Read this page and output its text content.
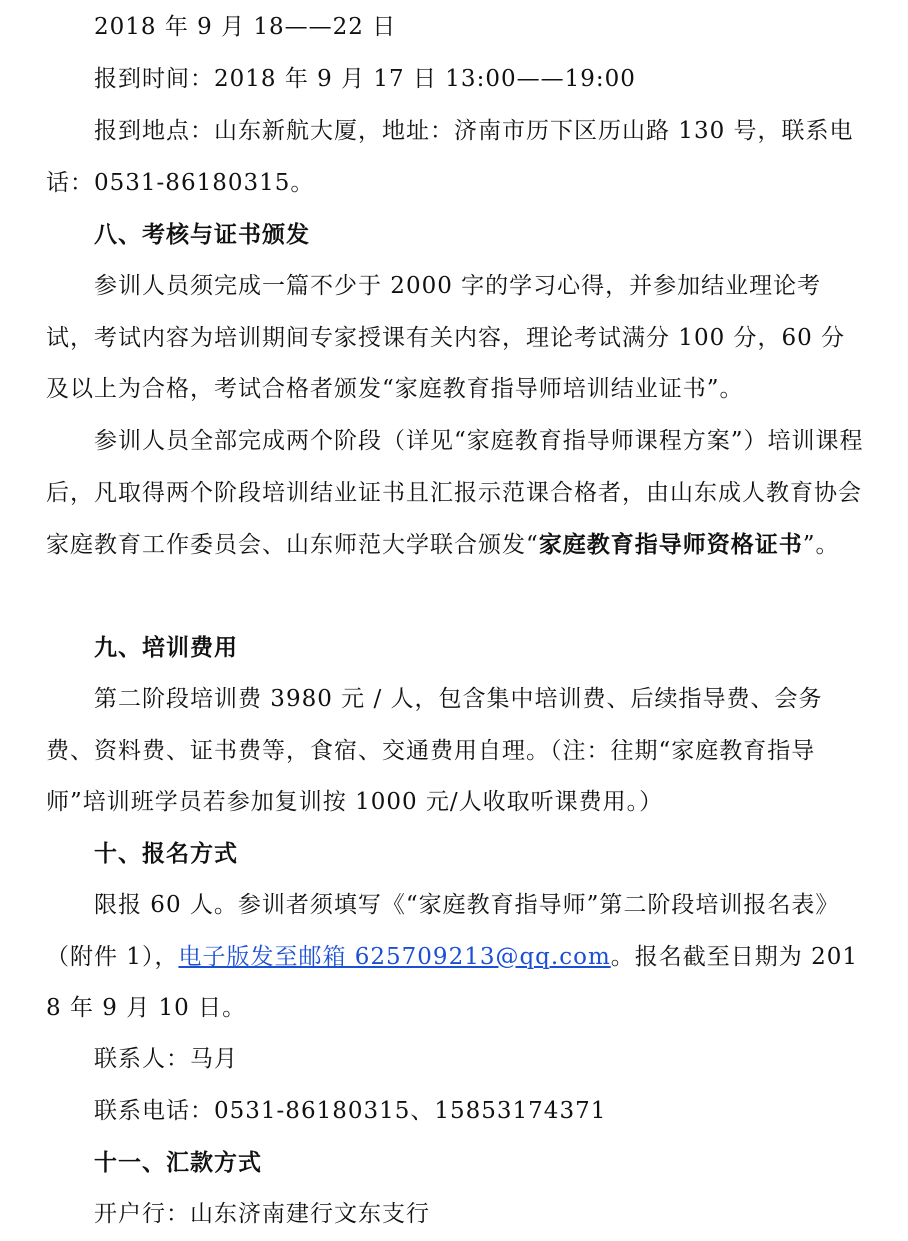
2018 年 9 月 18——22 日

报到时间：2018 年 9 月 17 日 13:00——19:00

报到地点：山东新航大厦，地址：济南市历下区历山路 130 号，联系电话：0531-86180315。

八、考核与证书颁发

参训人员须完成一篇不少于 2000 字的学习心得，并参加结业理论考试，考试内容为培训期间专家授课有关内容，理论考试满分 100 分，60 分及以上为合格，考试合格者颁发“家庭教育指导师培训结业证书”。

参训人员全部完成两个阶段（详见“家庭教育指导师课程方案”）培训课程后，凡取得两个阶段培训结业证书且汇报示范课合格者，由山东成人教育协会家庭教育工作委员会、山东师范大学联合颁发“家庭教育指导师资格证书”。

九、培训费用

第二阶段培训费 3980 元 / 人，包含集中培训费、后续指导费、会务费、资料费、证书费等，食宿、交通费用自理。（注：往期“家庭教育指导师”培训班学员若参加复训按 1000 元/人收取听课费用。）

十、报名方式

限报 60 人。参训者须填写《“家庭教育指导师”第二阶段培训报名表》（附件 1），电子版发至邮箱 625709213@qq.com。报名截至日期为 2018 年 9 月 10 日。

联系人：马月

联系电话：0531-86180315、15853174371

十一、汇款方式

开户行：山东济南建行文东支行
